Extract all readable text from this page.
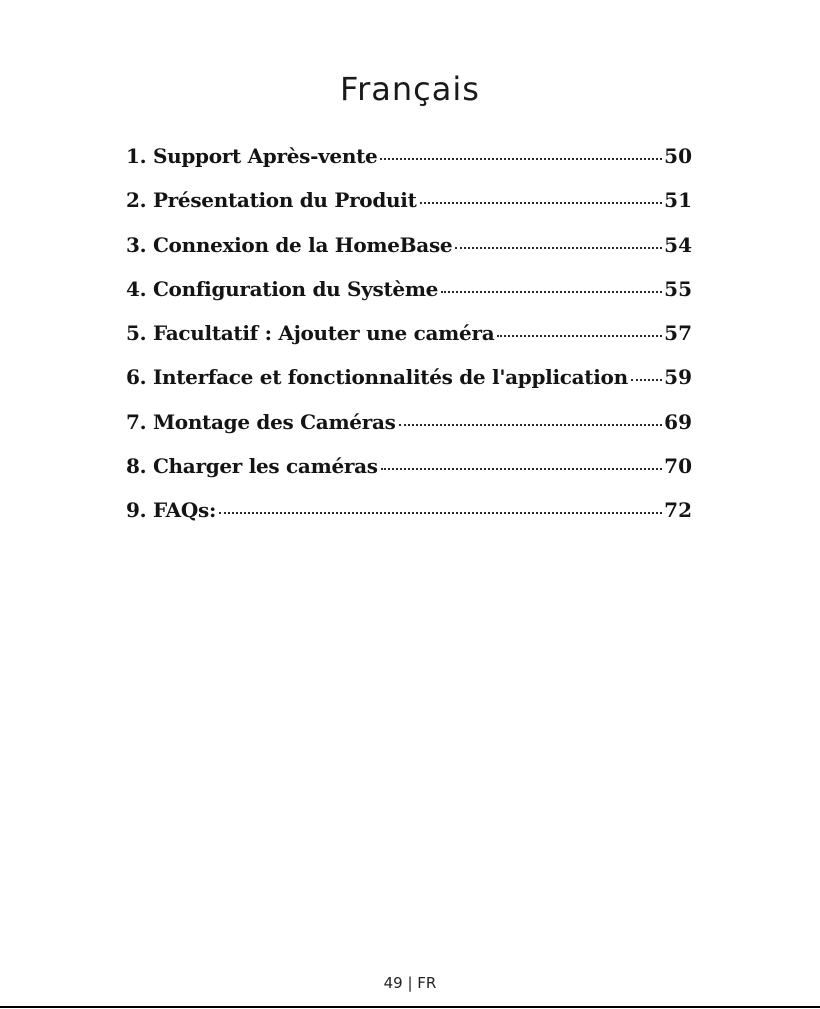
Français
1. Support Après-vente	50
2. Présentation du Produit	51
3. Connexion de la HomeBase	54
4. Configuration du Système	55
5. Facultatif : Ajouter une caméra	57
6. Interface et fonctionnalités de l'application 59
7. Montage des Caméras	69
8. Charger les caméras	70
9. FAQs:	72
49 | FR
